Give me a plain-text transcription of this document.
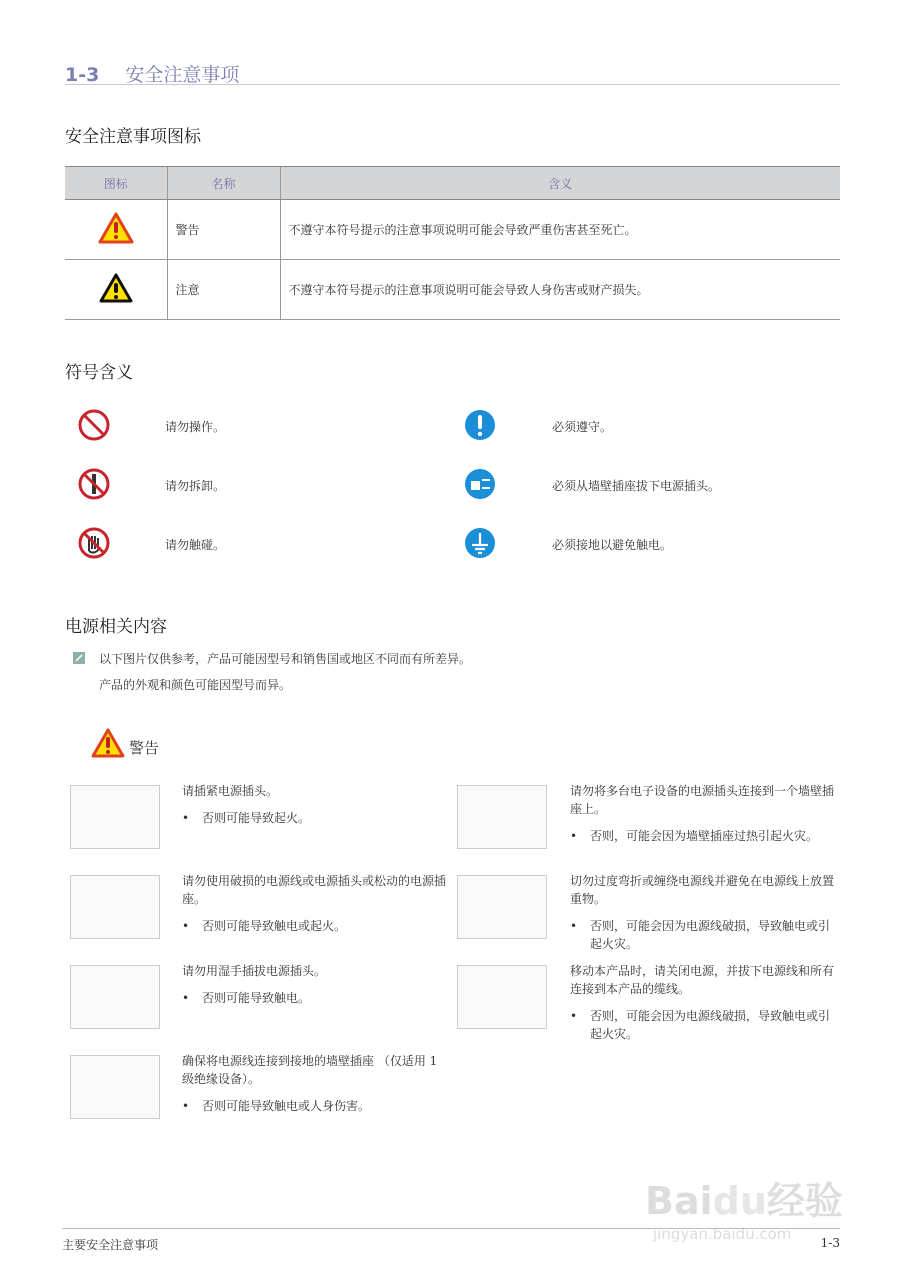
1-3 安全注意事项
安全注意事项图标
图标	名称	含义
	警告	不遵守本符号提示的注意事项说明可能会导致严重伤害甚至死亡。
	注意	不遵守本符号提示的注意事项说明可能会导致人身伤害或财产损失。
符号含义
请勿操作。	必须遵守。
请勿拆卸。	必须从墙壁插座拔下电源插头。
请勿触碰。	必须接地以避免触电。
电源相关内容
以下图片仅供参考，产品可能因型号和销售国或地区不同而有所差异。
产品的外观和颜色可能因型号而异。
警告
请插紧电源插头。
• 否则可能导致起火。
请勿将多台电子设备的电源插头连接到一个墙壁插座上。
• 否则，可能会因为墙壁插座过热引起火灾。
请勿使用破损的电源线或电源插头或松动的电源插座。
• 否则可能导致触电或起火。
切勿过度弯折或缠绕电源线并避免在电源线上放置重物。
• 否则，可能会因为电源线破损，导致触电或引起火灾。
请勿用湿手插拔电源插头。
• 否则可能导致触电。
移动本产品时，请关闭电源，并拔下电源线和所有连接到本产品的缆线。
• 否则，可能会因为电源线破损，导致触电或引起火灾。
确保将电源线连接到接地的墙壁插座 （仅适用 1 级绝缘设备）。
• 否则可能导致触电或人身伤害。
Baidu经验
jingyan.baidu.com
主要安全注意事项	1-3
